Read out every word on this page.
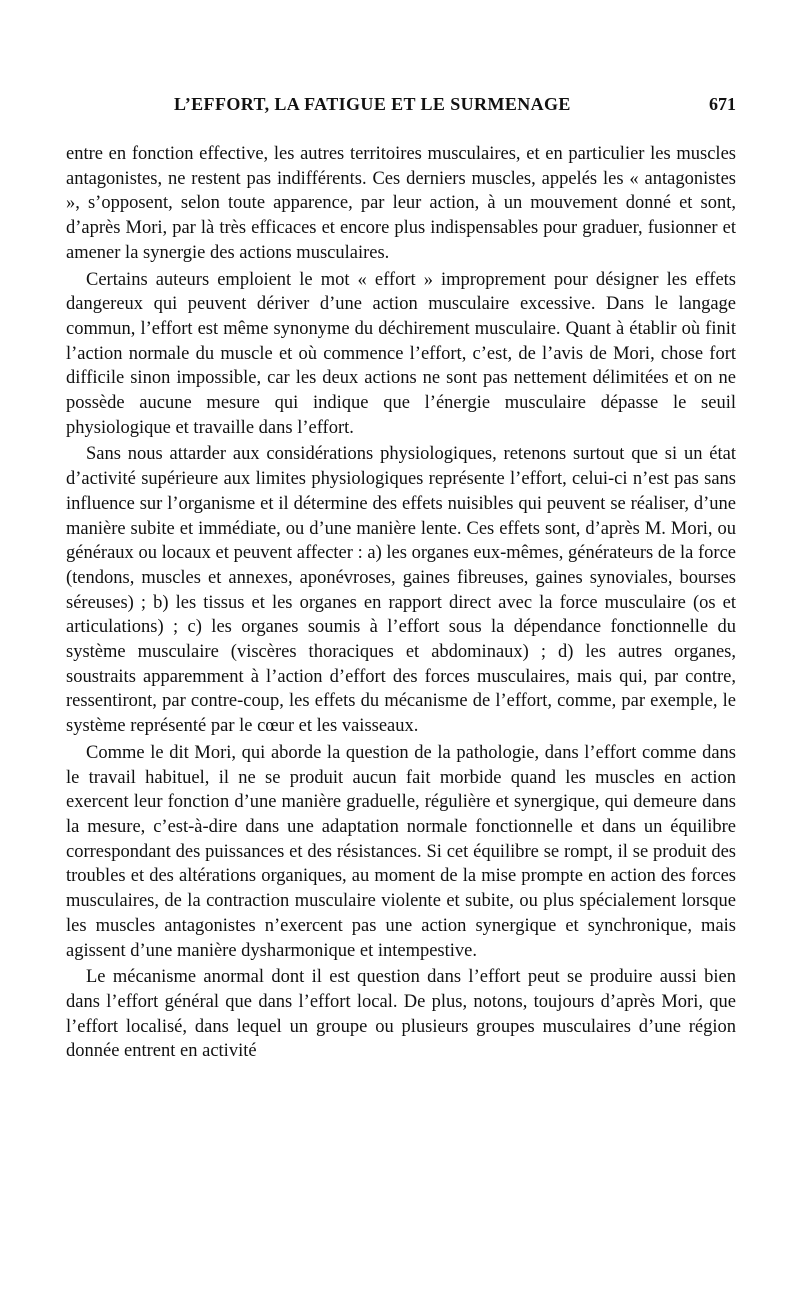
L’EFFORT, LA FATIGUE ET LE SURMENAGE	671

entre en fonction effective, les autres territoires musculaires, et en particulier les muscles antagonistes, ne restent pas indifférents. Ces derniers muscles, appelés les « antagonistes », s’opposent, selon toute apparence, par leur action, à un mouvement donné et sont, d’après Mori, par là très efficaces et encore plus indispensables pour graduer, fusionner et amener la synergie des actions musculaires.

Certains auteurs emploient le mot « effort » improprement pour désigner les effets dangereux qui peuvent dériver d’une action musculaire excessive. Dans le langage commun, l’effort est même synonyme du déchirement musculaire. Quant à établir où finit l’action normale du muscle et où commence l’effort, c’est, de l’avis de Mori, chose fort difficile sinon impossible, car les deux actions ne sont pas nettement délimitées et on ne possède aucune mesure qui indique que l’énergie musculaire dépasse le seuil physiologique et travaille dans l’effort.

Sans nous attarder aux considérations physiologiques, retenons surtout que si un état d’activité supérieure aux limites physiologiques représente l’effort, celui-ci n’est pas sans influence sur l’organisme et il détermine des effets nuisibles qui peuvent se réaliser, d’une manière subite et immédiate, ou d’une manière lente. Ces effets sont, d’après M. Mori, ou généraux ou locaux et peuvent affecter : a) les organes eux-mêmes, générateurs de la force (tendons, muscles et annexes, aponévroses, gaines fibreuses, gaines synoviales, bourses séreuses) ; b) les tissus et les organes en rapport direct avec la force musculaire (os et articulations) ; c) les organes soumis à l’effort sous la dépendance fonctionnelle du système musculaire (viscères thoraciques et abdominaux) ; d) les autres organes, soustraits apparemment à l’action d’effort des forces musculaires, mais qui, par contre, ressentiront, par contre-coup, les effets du mécanisme de l’effort, comme, par exemple, le système représenté par le cœur et les vaisseaux.

Comme le dit Mori, qui aborde la question de la pathologie, dans l’effort comme dans le travail habituel, il ne se produit aucun fait morbide quand les muscles en action exercent leur fonction d’une manière graduelle, régulière et synergique, qui demeure dans la mesure, c’est-à-dire dans une adaptation normale fonctionnelle et dans un équilibre correspondant des puissances et des résistances. Si cet équilibre se rompt, il se produit des troubles et des altérations organiques, au moment de la mise prompte en action des forces musculaires, de la contraction musculaire violente et subite, ou plus spécialement lorsque les muscles antagonistes n’exercent pas une action synergique et synchronique, mais agissent d’une manière dysharmonique et intempestive.

Le mécanisme anormal dont il est question dans l’effort peut se produire aussi bien dans l’effort général que dans l’effort local. De plus, notons, toujours d’après Mori, que l’effort localisé, dans lequel un groupe ou plusieurs groupes musculaires d’une région donnée entrent en activité
